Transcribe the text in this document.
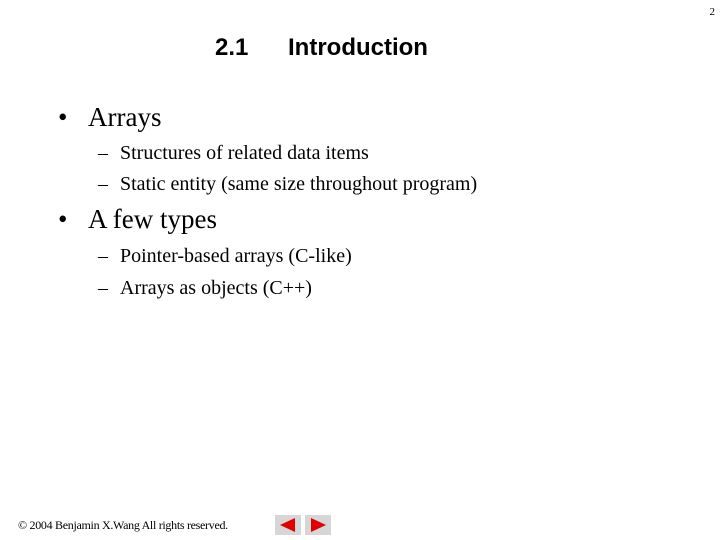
2
2.1 Introduction
• Arrays
– Structures of related data items
– Static entity (same size throughout program)
• A few types
– Pointer-based arrays (C-like)
– Arrays as objects (C++)
© 2004 Benjamin X.Wang All rights reserved.
